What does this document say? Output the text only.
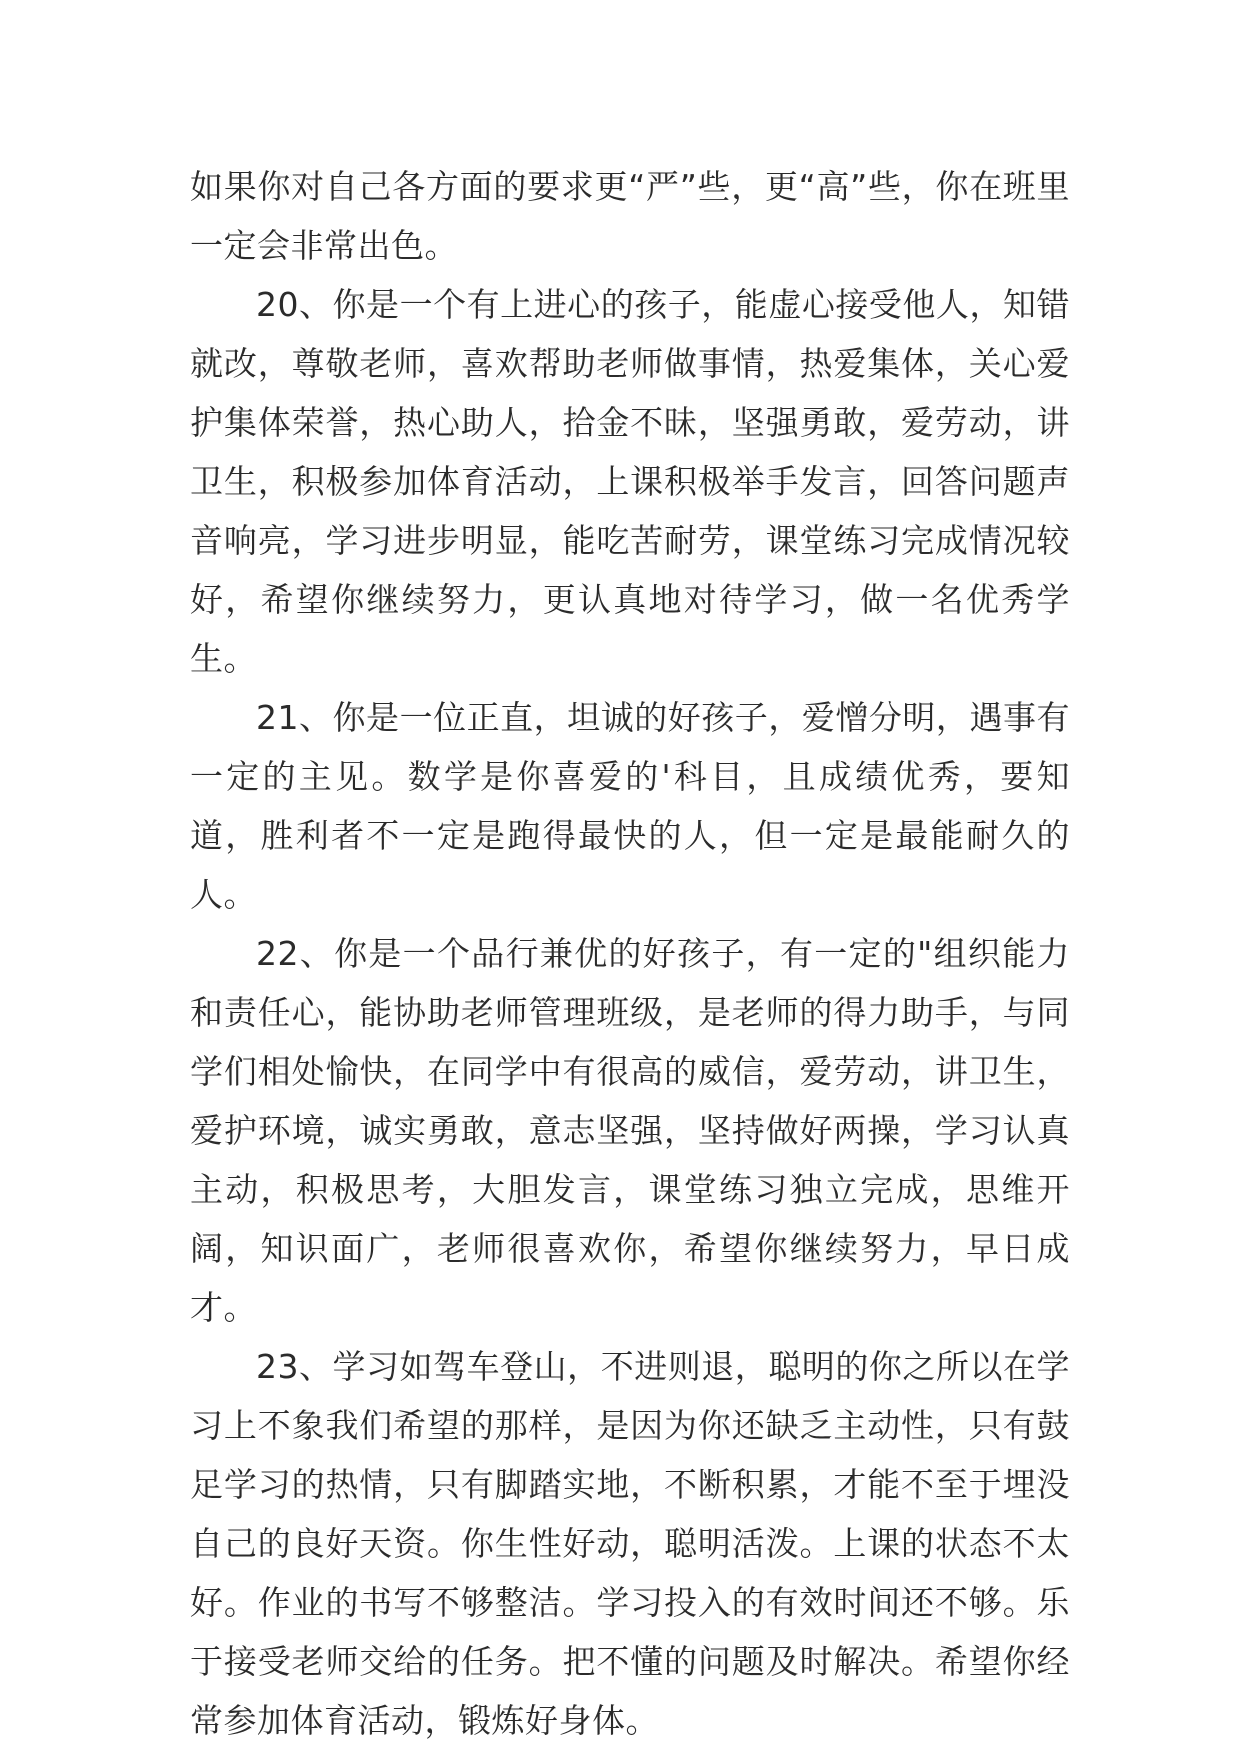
如果你对自己各方面的要求更“严”些，更“高”些，你在班里一定会非常出色。

20、你是一个有上进心的孩子，能虚心接受他人，知错就改，尊敬老师，喜欢帮助老师做事情，热爱集体，关心爱护集体荣誉，热心助人，拾金不昧，坚强勇敢，爱劳动，讲卫生，积极参加体育活动，上课积极举手发言，回答问题声音响亮，学习进步明显，能吃苦耐劳，课堂练习完成情况较好，希望你继续努力，更认真地对待学习，做一名优秀学生。

21、你是一位正直，坦诚的好孩子，爱憎分明，遇事有一定的主见。数学是你喜爱的'科目，且成绩优秀，要知道，胜利者不一定是跑得最快的人，但一定是最能耐久的人。

22、你是一个品行兼优的好孩子，有一定的"组织能力和责任心，能协助老师管理班级，是老师的得力助手，与同学们相处愉快，在同学中有很高的威信，爱劳动，讲卫生，爱护环境，诚实勇敢，意志坚强，坚持做好两操，学习认真主动，积极思考，大胆发言，课堂练习独立完成，思维开阔，知识面广，老师很喜欢你，希望你继续努力，早日成才。

23、学习如驾车登山，不进则退，聪明的你之所以在学习上不象我们希望的那样，是因为你还缺乏主动性，只有鼓足学习的热情，只有脚踏实地，不断积累，才能不至于埋没自己的良好天资。你生性好动，聪明活泼。上课的状态不太好。作业的书写不够整洁。学习投入的有效时间还不够。乐于接受老师交给的任务。把不懂的问题及时解决。希望你经常参加体育活动，锻炼好身体。
